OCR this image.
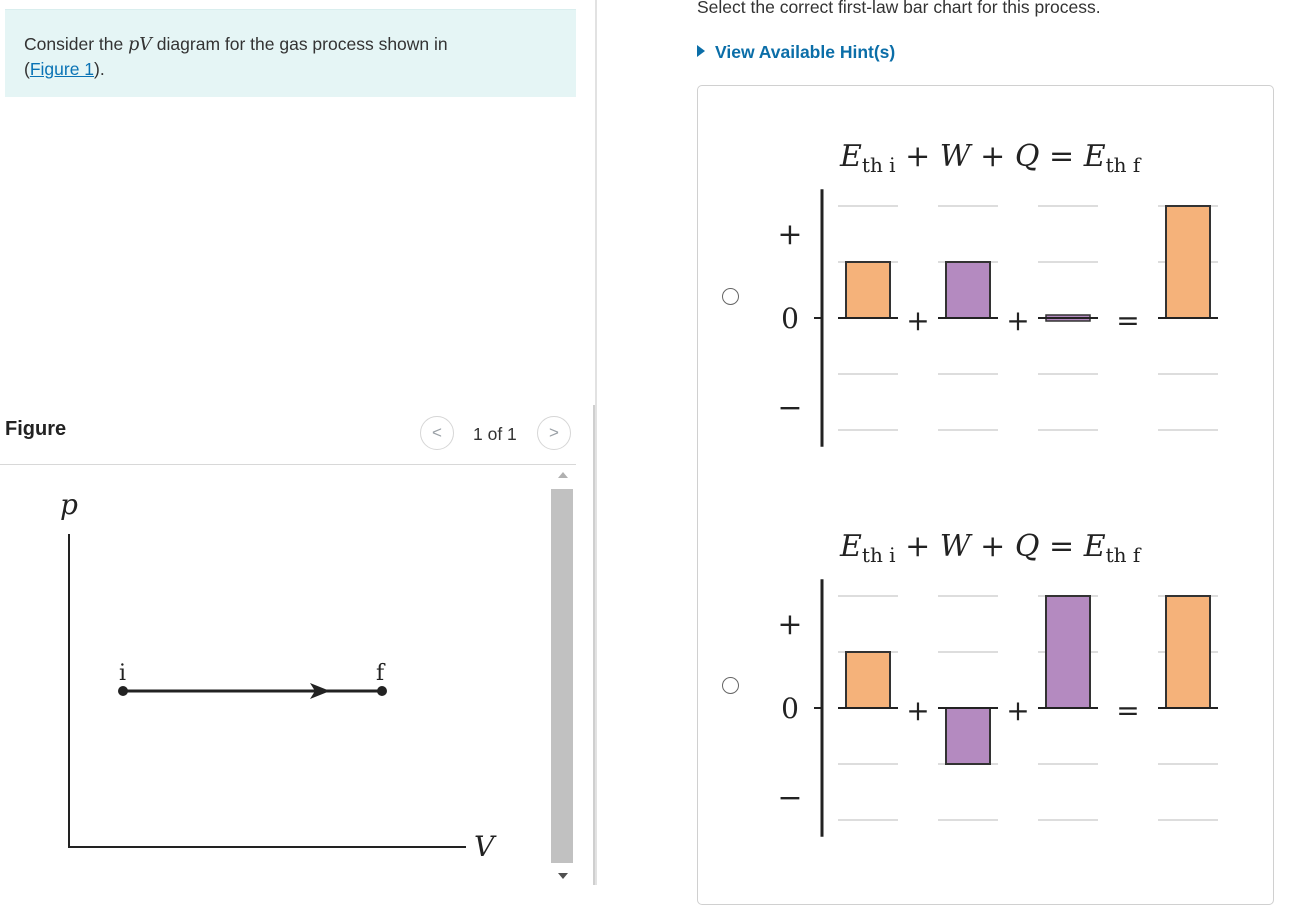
Consider the pV diagram for the gas process shown in
(Figure 1).
Figure	<	1 of 1	>
p
V
i	f
Select the correct first-law bar chart for this process.
View Available Hint(s)
$E_{th i} + W + Q = E_{th f}$
+
0
−
+	+	=
$E_{th i} + W + Q = E_{th f}$
+
0
−
+	+	=
